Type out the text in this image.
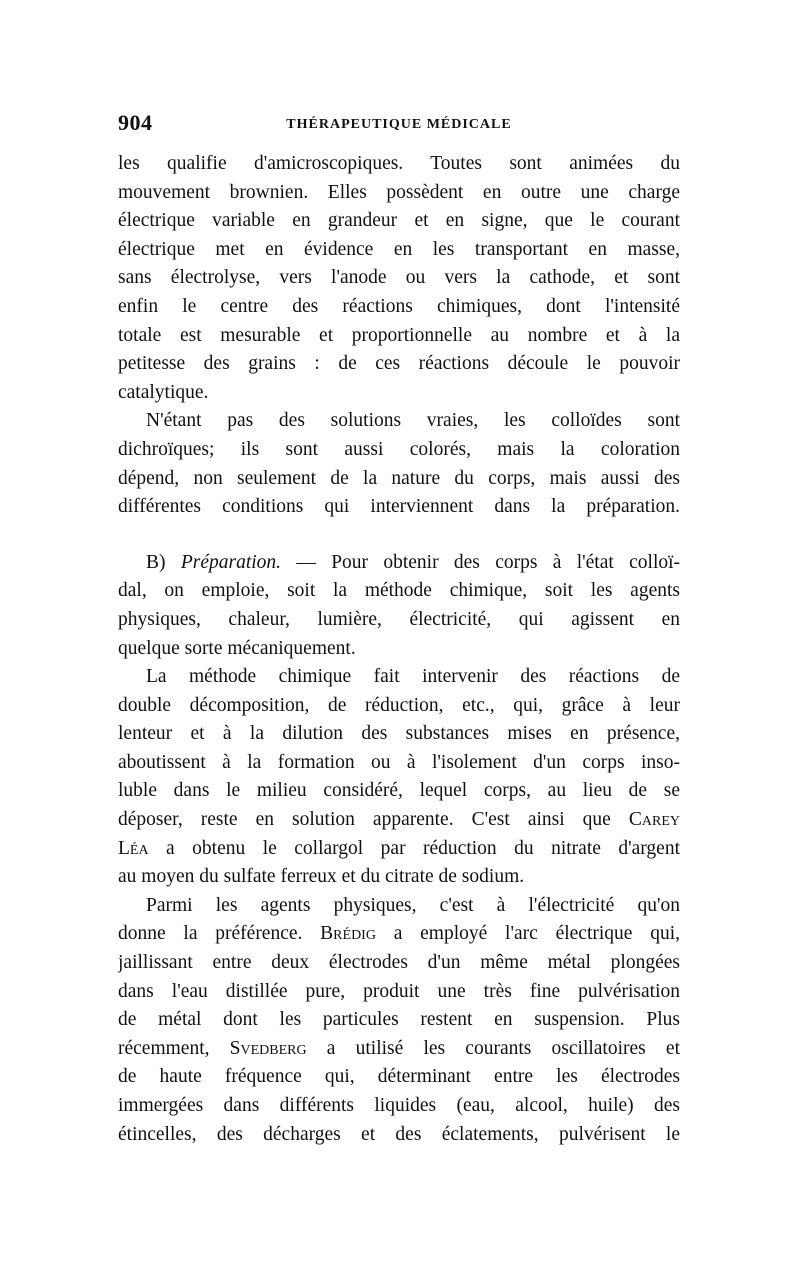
904	THÉRAPEUTIQUE MÉDICALE
les qualifie d'amicroscopiques. Toutes sont animées du
mouvement brownien. Elles possèdent en outre une charge
électrique variable en grandeur et en signe, que le courant
électrique met en évidence en les transportant en masse,
sans électrolyse, vers l'anode ou vers la cathode, et sont
enfin le centre des réactions chimiques, dont l'intensité
totale est mesurable et proportionnelle au nombre et à la
petitesse des grains : de ces réactions découle le pouvoir
catalytique.
N'étant pas des solutions vraies, les colloïdes sont
dichroïques; ils sont aussi colorés, mais la coloration
dépend, non seulement de la nature du corps, mais aussi des
différentes conditions qui interviennent dans la préparation.
B) Préparation. — Pour obtenir des corps à l'état colloï-
dal, on emploie, soit la méthode chimique, soit les agents
physiques, chaleur, lumière, électricité, qui agissent en
quelque sorte mécaniquement.
La méthode chimique fait intervenir des réactions de
double décomposition, de réduction, etc., qui, grâce à leur
lenteur et à la dilution des substances mises en présence,
aboutissent à la formation ou à l'isolement d'un corps inso-
luble dans le milieu considéré, lequel corps, au lieu de se
déposer, reste en solution apparente. C'est ainsi que Carey
Léa a obtenu le collargol par réduction du nitrate d'argent
au moyen du sulfate ferreux et du citrate de sodium.
Parmi les agents physiques, c'est à l'électricité qu'on
donne la préférence. Brédig a employé l'arc électrique qui,
jaillissant entre deux électrodes d'un même métal plongées
dans l'eau distillée pure, produit une très fine pulvérisation
de métal dont les particules restent en suspension. Plus
récemment, Svedberg a utilisé les courants oscillatoires et
de haute fréquence qui, déterminant entre les électrodes
immergées dans différents liquides (eau, alcool, huile) des
étincelles, des décharges et des éclatements, pulvérisent le
